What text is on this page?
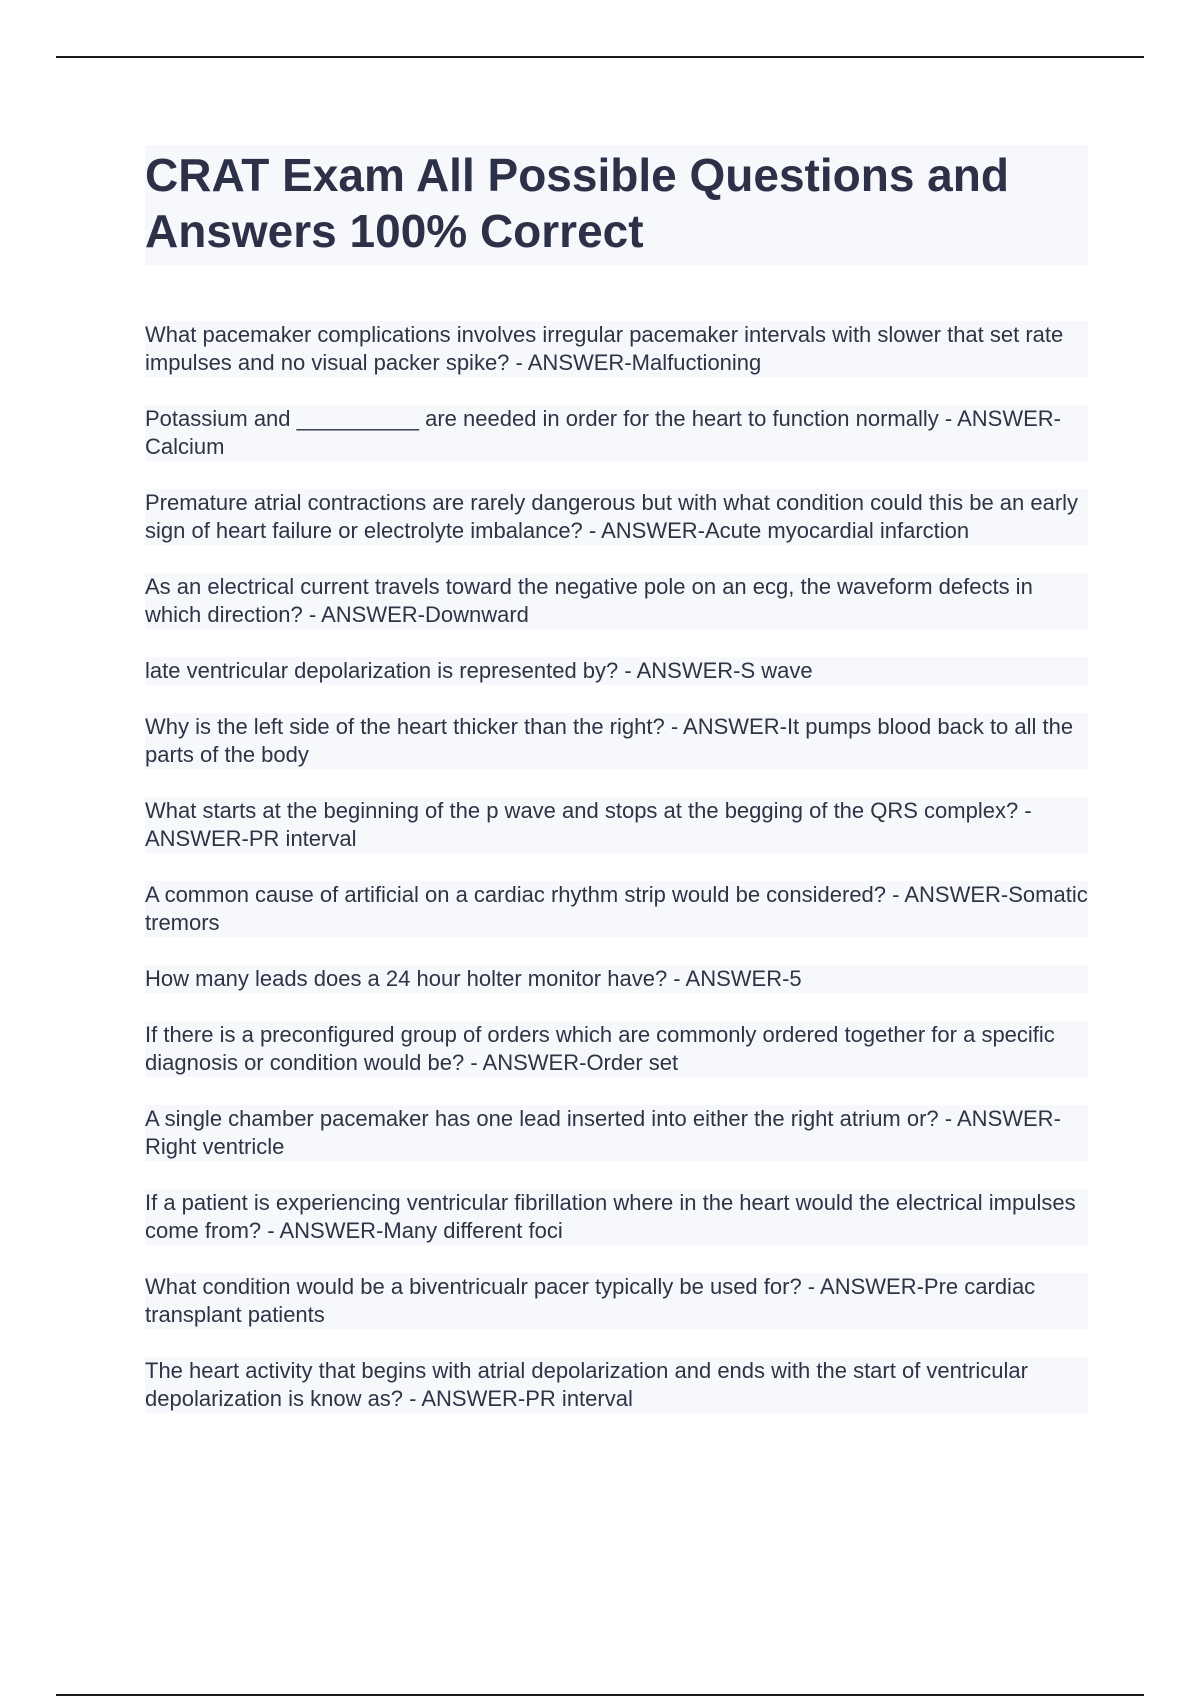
CRAT Exam All Possible Questions and Answers 100% Correct

What pacemaker complications involves irregular pacemaker intervals with slower that set rate impulses and no visual packer spike? - ANSWER-Malfuctioning

Potassium and __________ are needed in order for the heart to function normally - ANSWER-Calcium

Premature atrial contractions are rarely dangerous but with what condition could this be an early sign of heart failure or electrolyte imbalance? - ANSWER-Acute myocardial infarction

As an electrical current travels toward the negative pole on an ecg, the waveform defects in which direction? - ANSWER-Downward

late ventricular depolarization is represented by? - ANSWER-S wave

Why is the left side of the heart thicker than the right? - ANSWER-It pumps blood back to all the parts of the body

What starts at the beginning of the p wave and stops at the begging of the QRS complex? - ANSWER-PR interval

A common cause of artificial on a cardiac rhythm strip would be considered? - ANSWER-Somatic tremors

How many leads does a 24 hour holter monitor have? - ANSWER-5

If there is a preconfigured group of orders which are commonly ordered together for a specific diagnosis or condition would be? - ANSWER-Order set

A single chamber pacemaker has one lead inserted into either the right atrium or? - ANSWER-Right ventricle

If a patient is experiencing ventricular fibrillation where in the heart would the electrical impulses come from? - ANSWER-Many different foci

What condition would be a biventricualr pacer typically be used for? - ANSWER-Pre cardiac transplant patients

The heart activity that begins with atrial depolarization and ends with the start of ventricular depolarization is know as? - ANSWER-PR interval
